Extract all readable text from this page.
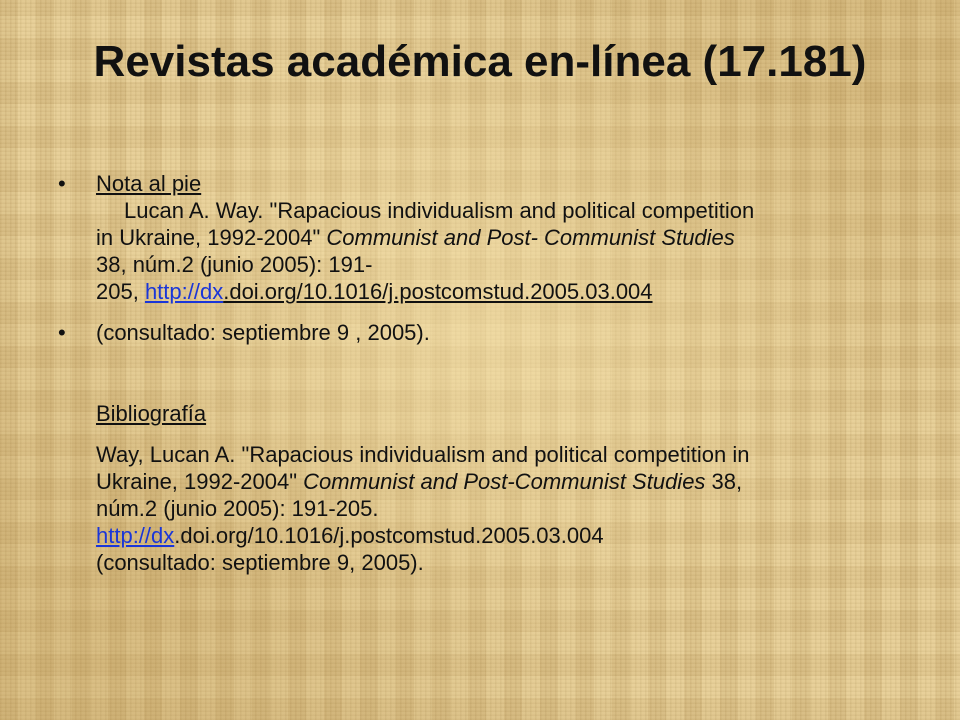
Revistas académica en-línea (17.181)
• Nota al pie
Lucan A. Way. "Rapacious individualism and political competition
in Ukraine, 1992-2004" Communist and Post- Communist Studies
38, núm.2 (junio 2005): 191-
205, http://dx.doi.org/10.1016/j.postcomstud.2005.03.004
• (consultado: septiembre 9 , 2005).
Bibliografía
Way, Lucan A. "Rapacious individualism and political competition in
Ukraine, 1992-2004" Communist and Post-Communist Studies 38,
núm.2 (junio 2005): 191-205.
http://dx.doi.org/10.1016/j.postcomstud.2005.03.004
(consultado: septiembre 9, 2005).
